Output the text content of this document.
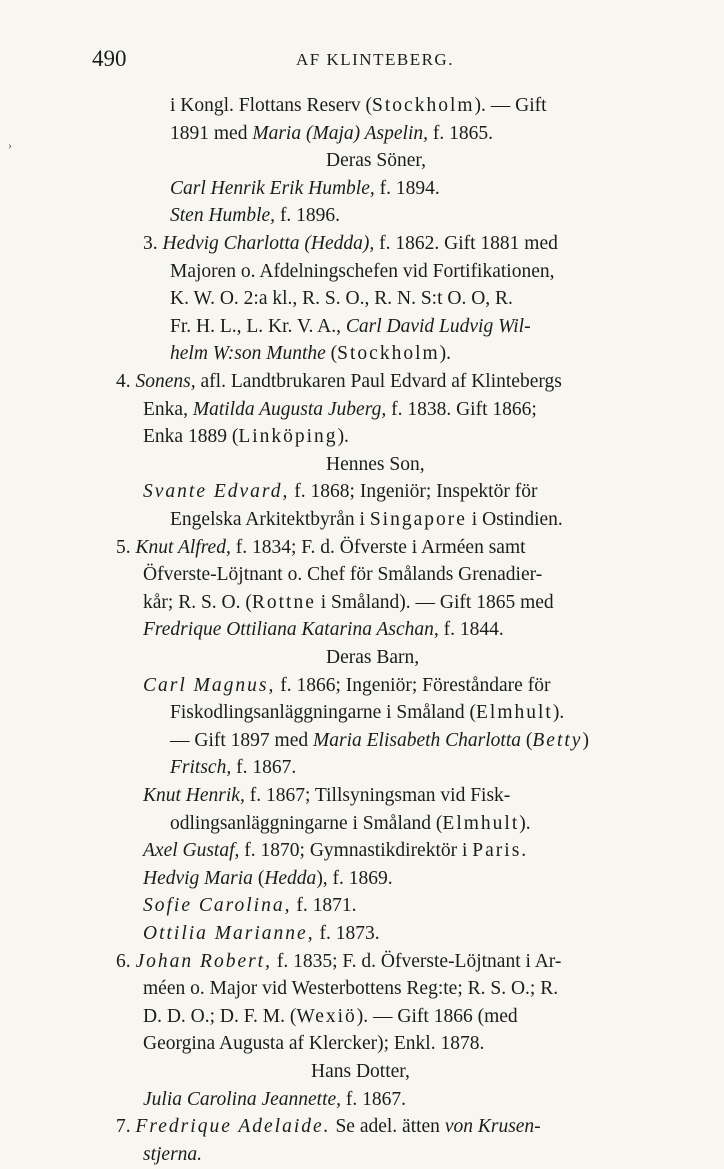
490	AF KLINTEBERG.
i Kongl. Flottans Reserv (Stockholm). — Gift
1891 med Maria (Maja) Aspelin, f. 1865.
Deras Söner,
Carl Henrik Erik Humble, f. 1894.
Sten Humble, f. 1896.
3. Hedvig Charlotta (Hedda), f. 1862. Gift 1881 med
Majoren o. Afdelningschefen vid Fortifikationen,
K. W. O. 2:a kl., R. S. O., R. N. S:t O. O, R.
Fr. H. L., L. Kr. V. A., Carl David Ludvig Wil-
helm W:son Munthe (Stockholm).
4. Sonens, afl. Landtbrukaren Paul Edvard af Klintebergs
Enka, Matilda Augusta Juberg, f. 1838. Gift 1866;
Enka 1889 (Linköping).
Hennes Son,
Svante Edvard, f. 1868; Ingeniör; Inspektör för
Engelska Arkitektbyrån i Singapore i Ostindien.
5. Knut Alfred, f. 1834; F. d. Öfverste i Arméen samt
Öfverste-Löjtnant o. Chef för Smålands Grenadier-
kår; R. S. O. (Rottne i Småland). — Gift 1865 med
Fredrique Ottiliana Katarina Aschan, f. 1844.
Deras Barn,
Carl Magnus, f. 1866; Ingeniör; Föreståndare för
Fiskodlingsanläggningarne i Småland (Elmhult).
— Gift 1897 med Maria Elisabeth Charlotta (Betty)
Fritsch, f. 1867.
Knut Henrik, f. 1867; Tillsyningsman vid Fisk-
odlingsanläggningarne i Småland (Elmhult).
Axel Gustaf, f. 1870; Gymnastikdirektör i Paris.
Hedvig Maria (Hedda), f. 1869.
Sofie Carolina, f. 1871.
Ottilia Marianne, f. 1873.
6. Johan Robert, f. 1835; F. d. Öfverste-Löjtnant i Ar-
méen o. Major vid Westerbottens Reg:te; R. S. O.; R.
D. D. O.; D. F. M. (Wexiö). — Gift 1866 (med
Georgina Augusta af Klercker); Enkl. 1878.
Hans Dotter,
Julia Carolina Jeannette, f. 1867.
7. Fredrique Adelaide. Se adel. ätten von Krusen-
stjerna.
›
